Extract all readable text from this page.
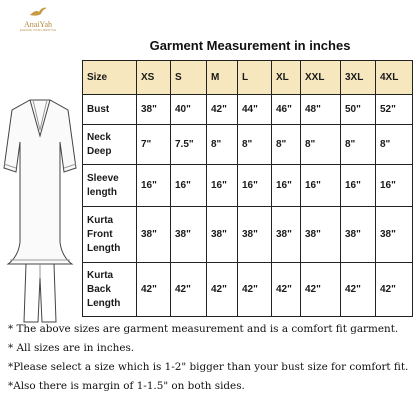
AnaiYah
ELEVATE YOUR LIFESTYLE
Garment Measurement in inches
Size	XS	S	M	L	XL	XXL	3XL	4XL
Bust	38"	40"	42"	44"	46"	48"	50"	52"
Neck Deep	7"	7.5"	8"	8"	8"	8"	8"	8"
Sleeve length	16"	16"	16"	16"	16"	16"	16"	16"
Kurta Front Length	38"	38"	38"	38"	38"	38"	38"	38"
Kurta Back Length	42"	42"	42"	42"	42"	42"	42"	42"
* The above sizes are garment measurement and is a comfort fit garment.
* All sizes are in inches.
*Please select a size which is 1-2" bigger than your bust size for comfort fit.
*Also there is margin of 1-1.5" on both sides.
